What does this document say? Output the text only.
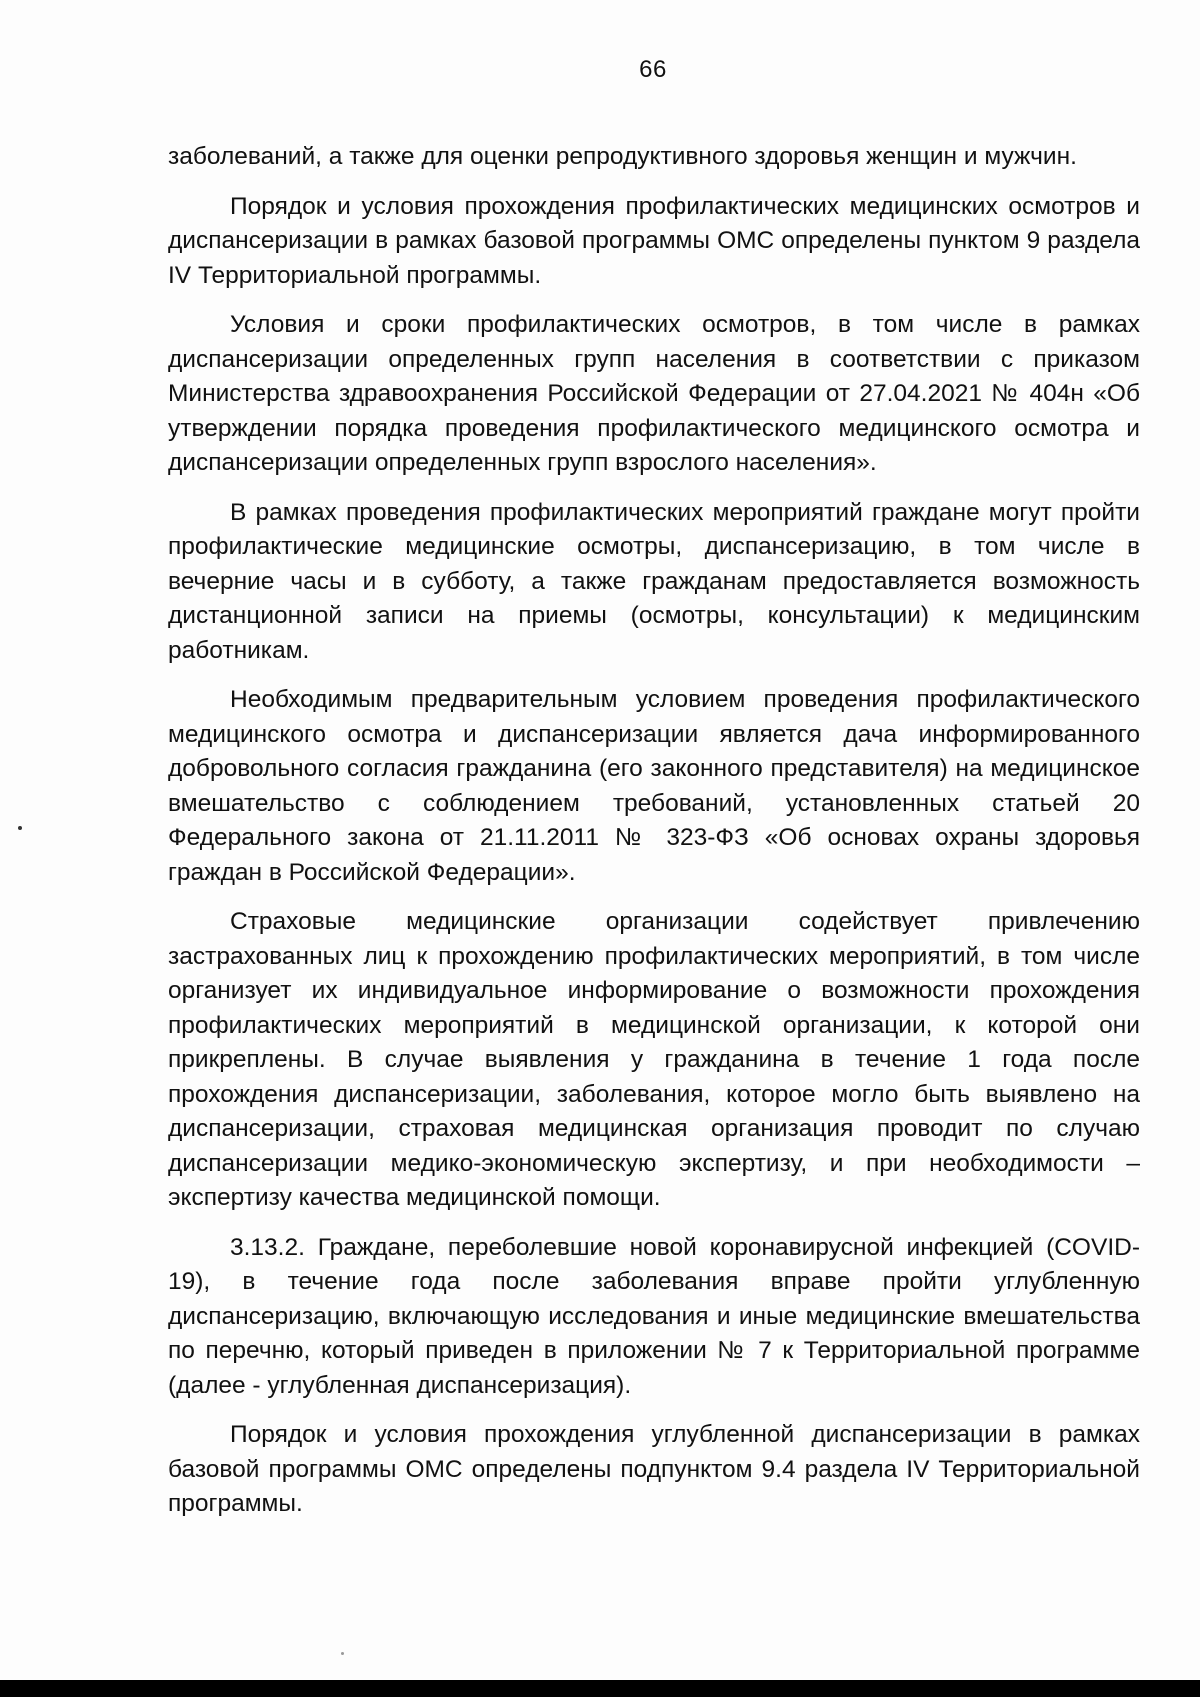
66

заболеваний, а также для оценки репродуктивного здоровья женщин и мужчин.

Порядок и условия прохождения профилактических медицинских осмотров и диспансеризации в рамках базовой программы ОМС определены пунктом 9 раздела IV Территориальной программы.

Условия и сроки профилактических осмотров, в том числе в рамках диспансеризации определенных групп населения в соответствии с приказом Министерства здравоохранения Российской Федерации от 27.04.2021 № 404н «Об утверждении порядка проведения профилактического медицинского осмотра и диспансеризации определенных групп взрослого населения».

В рамках проведения профилактических мероприятий граждане могут пройти профилактические медицинские осмотры, диспансеризацию, в том числе в вечерние часы и в субботу, а также гражданам предоставляется возможность дистанционной записи на приемы (осмотры, консультации) к медицинским работникам.

Необходимым предварительным условием проведения профилактического медицинского осмотра и диспансеризации является дача информированного добровольного согласия гражданина (его законного представителя) на медицинское вмешательство с соблюдением требований, установленных статьей 20 Федерального закона от 21.11.2011 № 323-ФЗ «Об основах охраны здоровья граждан в Российской Федерации».

Страховые медицинские организации содействует привлечению застрахованных лиц к прохождению профилактических мероприятий, в том числе организует их индивидуальное информирование о возможности прохождения профилактических мероприятий в медицинской организации, к которой они прикреплены. В случае выявления у гражданина в течение 1 года после прохождения диспансеризации, заболевания, которое могло быть выявлено на диспансеризации, страховая медицинская организация проводит по случаю диспансеризации медико-экономическую экспертизу, и при необходимости – экспертизу качества медицинской помощи.

3.13.2. Граждане, переболевшие новой коронавирусной инфекцией (COVID-19), в течение года после заболевания вправе пройти углубленную диспансеризацию, включающую исследования и иные медицинские вмешательства по перечню, который приведен в приложении № 7 к Территориальной программе (далее - углубленная диспансеризация).

Порядок и условия прохождения углубленной диспансеризации в рамках базовой программы ОМС определены подпунктом 9.4 раздела IV Территориальной программы.
